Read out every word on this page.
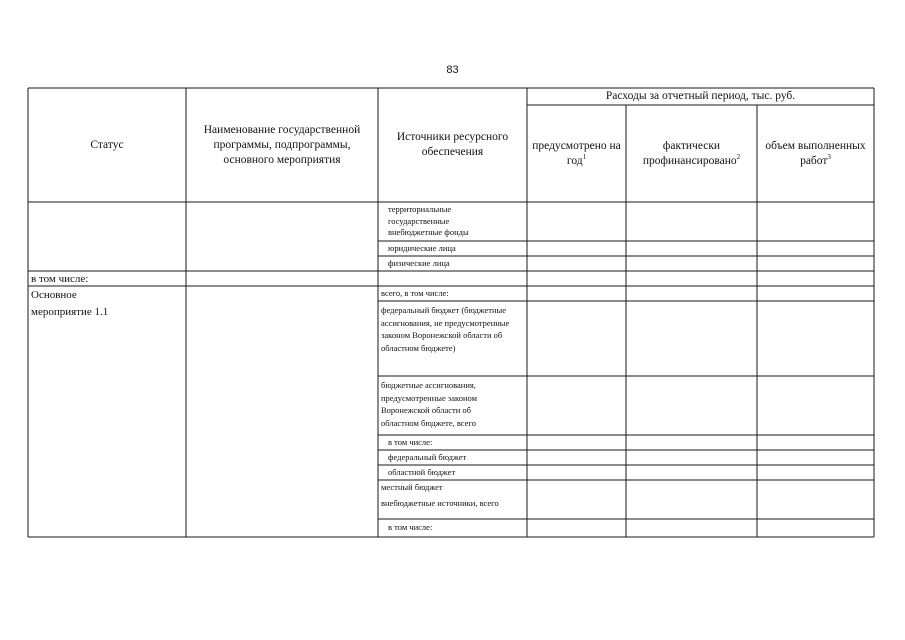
83
Статус
Наименование государственной программы, подпрограммы, основного мероприятия
Источники ресурсного обеспечения
Расходы за отчетный период, тыс. руб.
предусмотрено на год$^1$
фактически профинансировано$^2$
объем выполненных работ$^3$
территориальные государственные внебюджетные фонды
юридические лица
физические лица
в том числе:
Основное мероприятие 1.1
всего, в том числе:
федеральный бюджет (бюджетные ассигнования, не предусмотренные законом Воронежской области об областном бюджете)
бюджетные ассигнования, предусмотренные законом Воронежской области об областном бюджете, всего
в том числе:
федеральный бюджет
областной бюджет
местный бюджет
внебюджетные источники, всего
в том числе:
